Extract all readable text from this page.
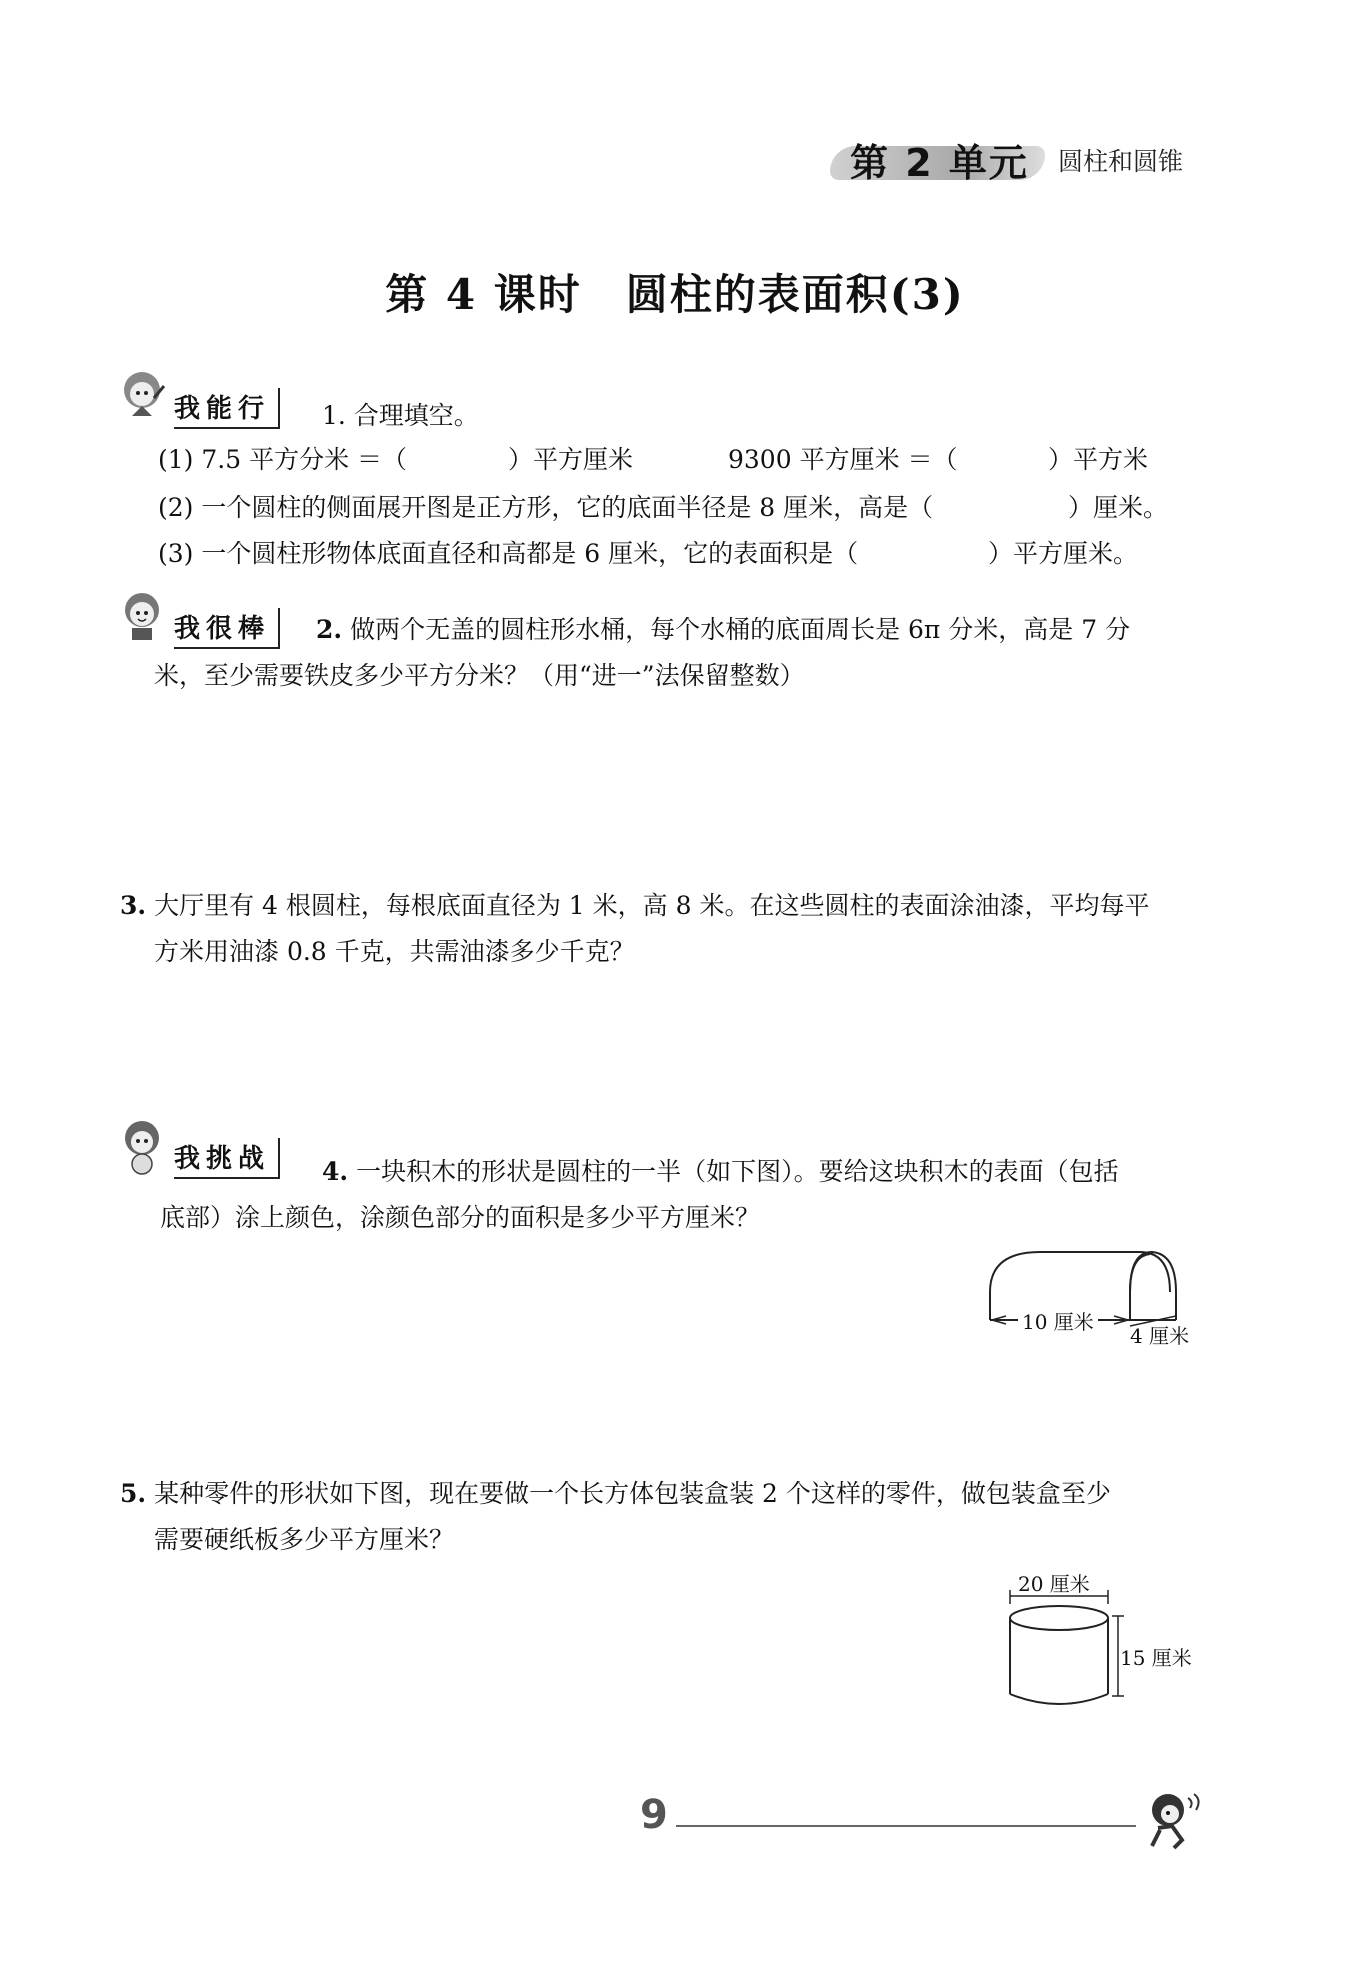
第 2 单元 圆柱和圆锥
第 4 课时　圆柱的表面积(3)
我能行	1. 合理填空。
(1) 7.5 平方分米 ＝（	）平方厘米	9300 平方厘米 ＝（	）平方米
(2) 一个圆柱的侧面展开图是正方形，它的底面半径是 8 厘米，高是（	）厘米。
(3) 一个圆柱形物体底面直径和高都是 6 厘米，它的表面积是（	）平方厘米。
我很棒	2. 做两个无盖的圆柱形水桶，每个水桶的底面周长是 6π 分米，高是 7 分
米，至少需要铁皮多少平方分米？（用“进一”法保留整数）
3. 大厅里有 4 根圆柱，每根底面直径为 1 米，高 8 米。在这些圆柱的表面涂油漆，平均每平
方米用油漆 0.8 千克，共需油漆多少千克？
我挑战	4. 一块积木的形状是圆柱的一半（如下图）。要给这块积木的表面（包括
底部）涂上颜色，涂颜色部分的面积是多少平方厘米？
10 厘米
4 厘米
5. 某种零件的形状如下图，现在要做一个长方体包装盒装 2 个这样的零件，做包装盒至少
需要硬纸板多少平方厘米？
20 厘米
15 厘米
9
